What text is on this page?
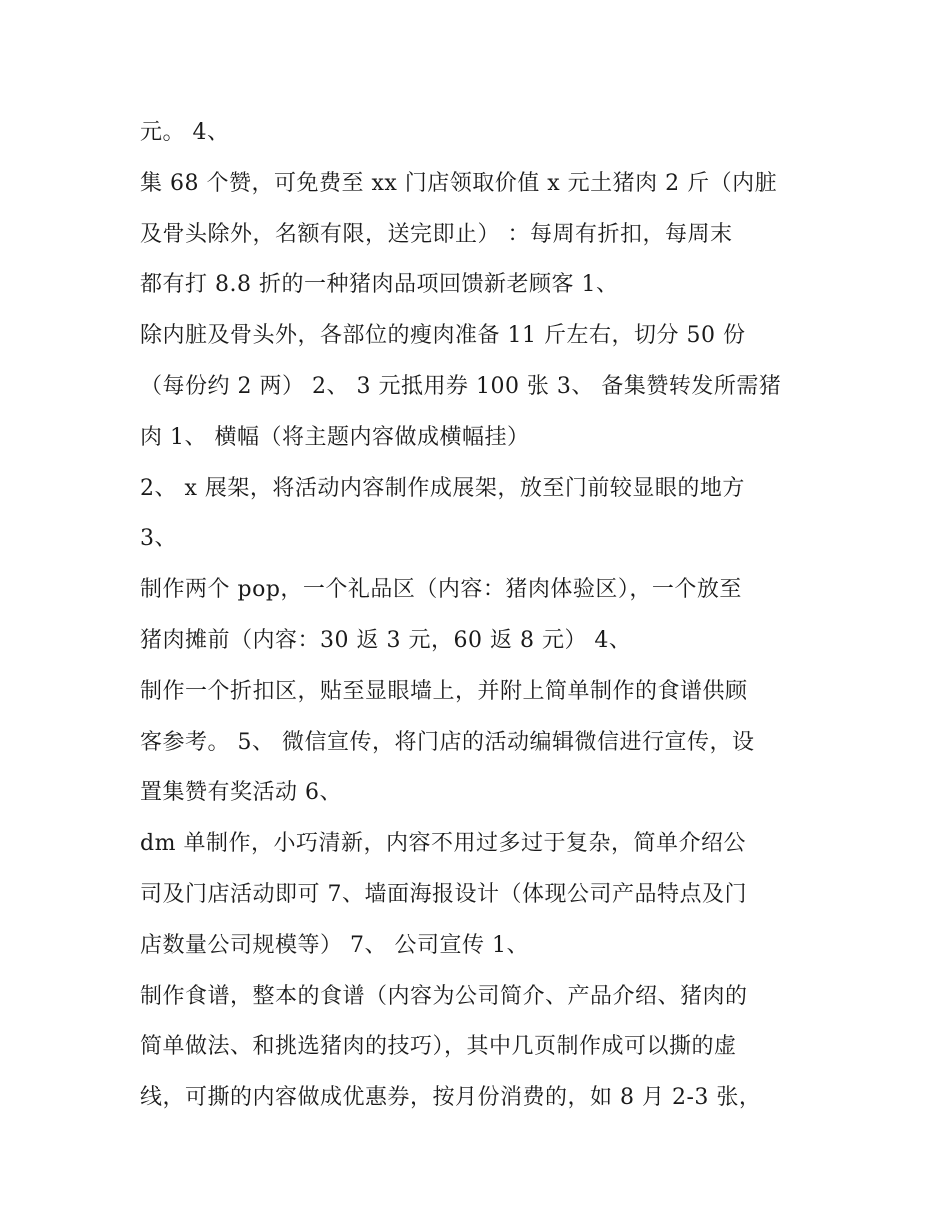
元。 4、
集 68 个赞，可免费至 xx 门店领取价值 x 元土猪肉 2 斤（内脏
及骨头除外，名额有限，送完即止） ：每周有折扣，每周末
都有打 8.8 折的一种猪肉品项回馈新老顾客 1、
除内脏及骨头外，各部位的瘦肉准备 11 斤左右，切分 50 份
（每份约 2 两） 2、 3 元抵用券 100 张 3、 备集赞转发所需猪
肉 1、 横幅（将主题内容做成横幅挂）
2、 x 展架，将活动内容制作成展架，放至门前较显眼的地方
3、
制作两个 pop，一个礼品区（内容：猪肉体验区），一个放至
猪肉摊前（内容：30 返 3 元，60 返 8 元） 4、
制作一个折扣区，贴至显眼墙上，并附上简单制作的食谱供顾
客参考。 5、 微信宣传，将门店的活动编辑微信进行宣传，设
置集赞有奖活动 6、
dm 单制作，小巧清新，内容不用过多过于复杂，简单介绍公
司及门店活动即可 7、墙面海报设计（体现公司产品特点及门
店数量公司规模等） 7、 公司宣传 1、
制作食谱，整本的食谱（内容为公司简介、产品介绍、猪肉的
简单做法、和挑选猪肉的技巧），其中几页制作成可以撕的虚
线，可撕的内容做成优惠券，按月份消费的，如 8 月 2-3 张，
